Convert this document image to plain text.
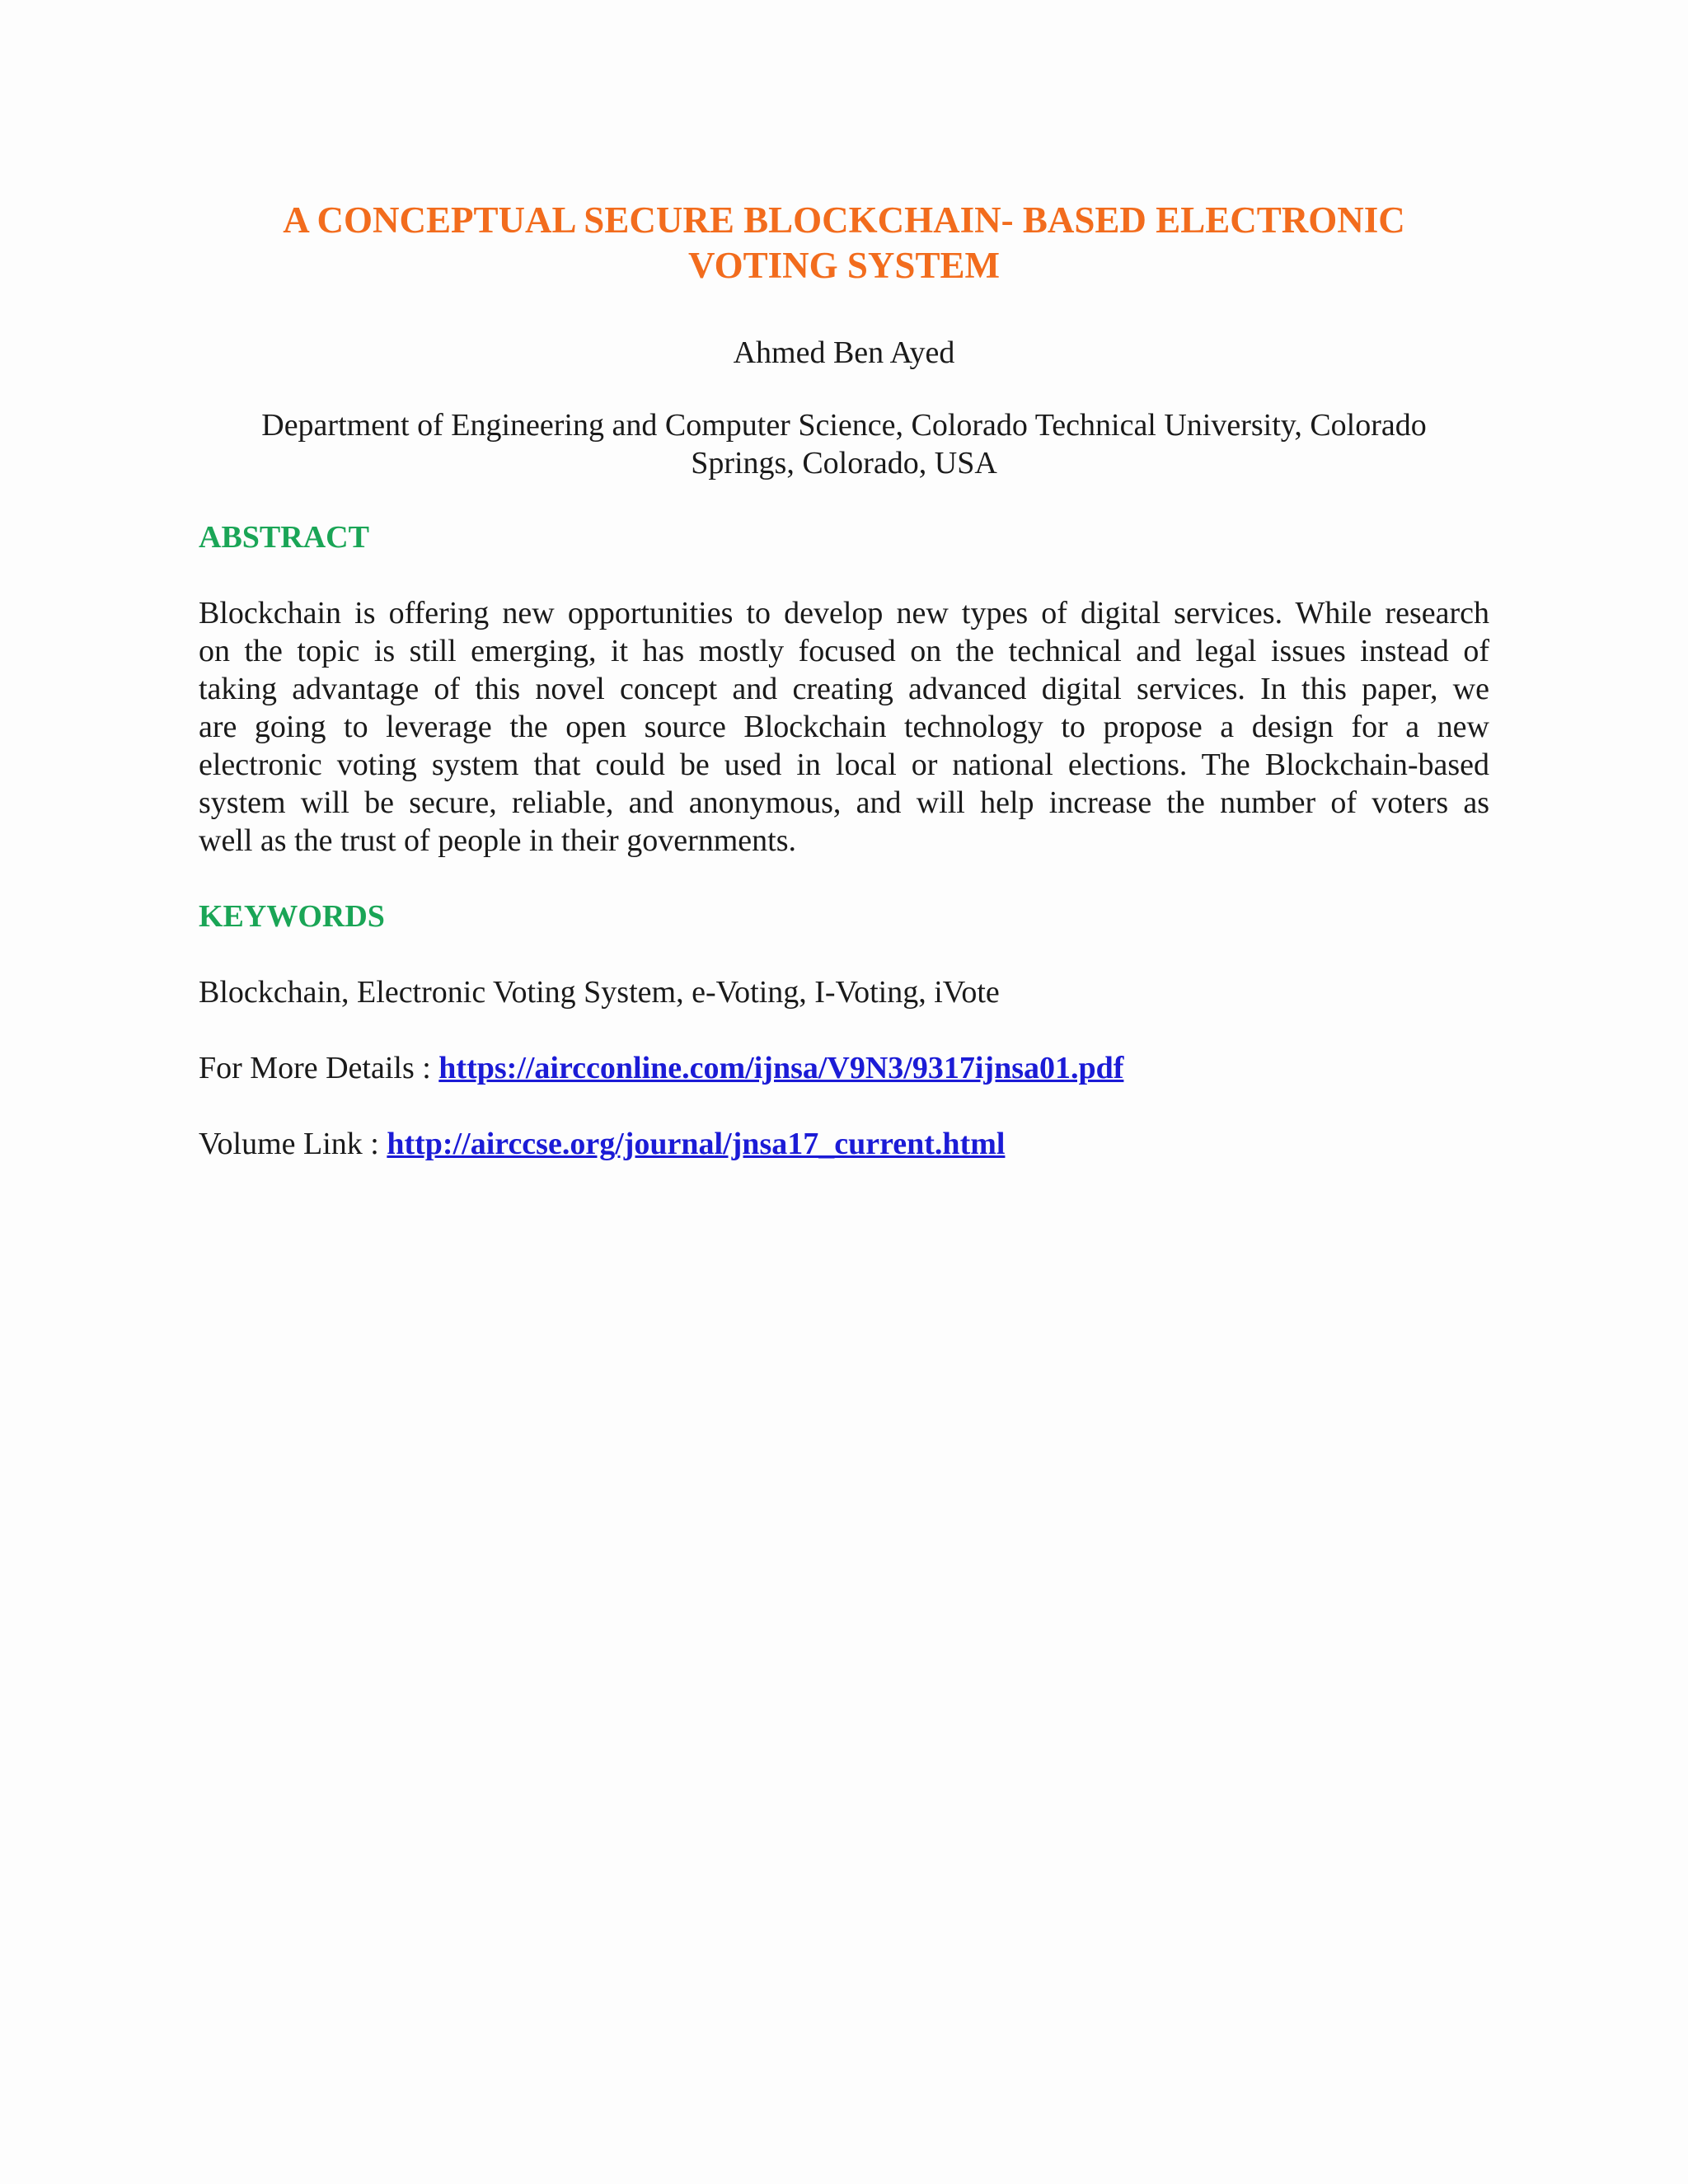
A CONCEPTUAL SECURE BLOCKCHAIN- BASED ELECTRONIC
VOTING SYSTEM

Ahmed Ben Ayed

Department of Engineering and Computer Science, Colorado Technical University, Colorado
Springs, Colorado, USA

ABSTRACT
Blockchain is offering new opportunities to develop new types of digital services. While research
on the topic is still emerging, it has mostly focused on the technical and legal issues instead of
taking advantage of this novel concept and creating advanced digital services. In this paper, we
are going to leverage the open source Blockchain technology to propose a design for a new
electronic voting system that could be used in local or national elections. The Blockchain-based
system will be secure, reliable, and anonymous, and will help increase the number of voters as
well as the trust of people in their governments.
KEYWORDS

Blockchain, Electronic Voting System, e-Voting, I-Voting, iVote

For More Details : https://aircconline.com/ijnsa/V9N3/9317ijnsa01.pdf

Volume Link : http://airccse.org/journal/jnsa17_current.html
